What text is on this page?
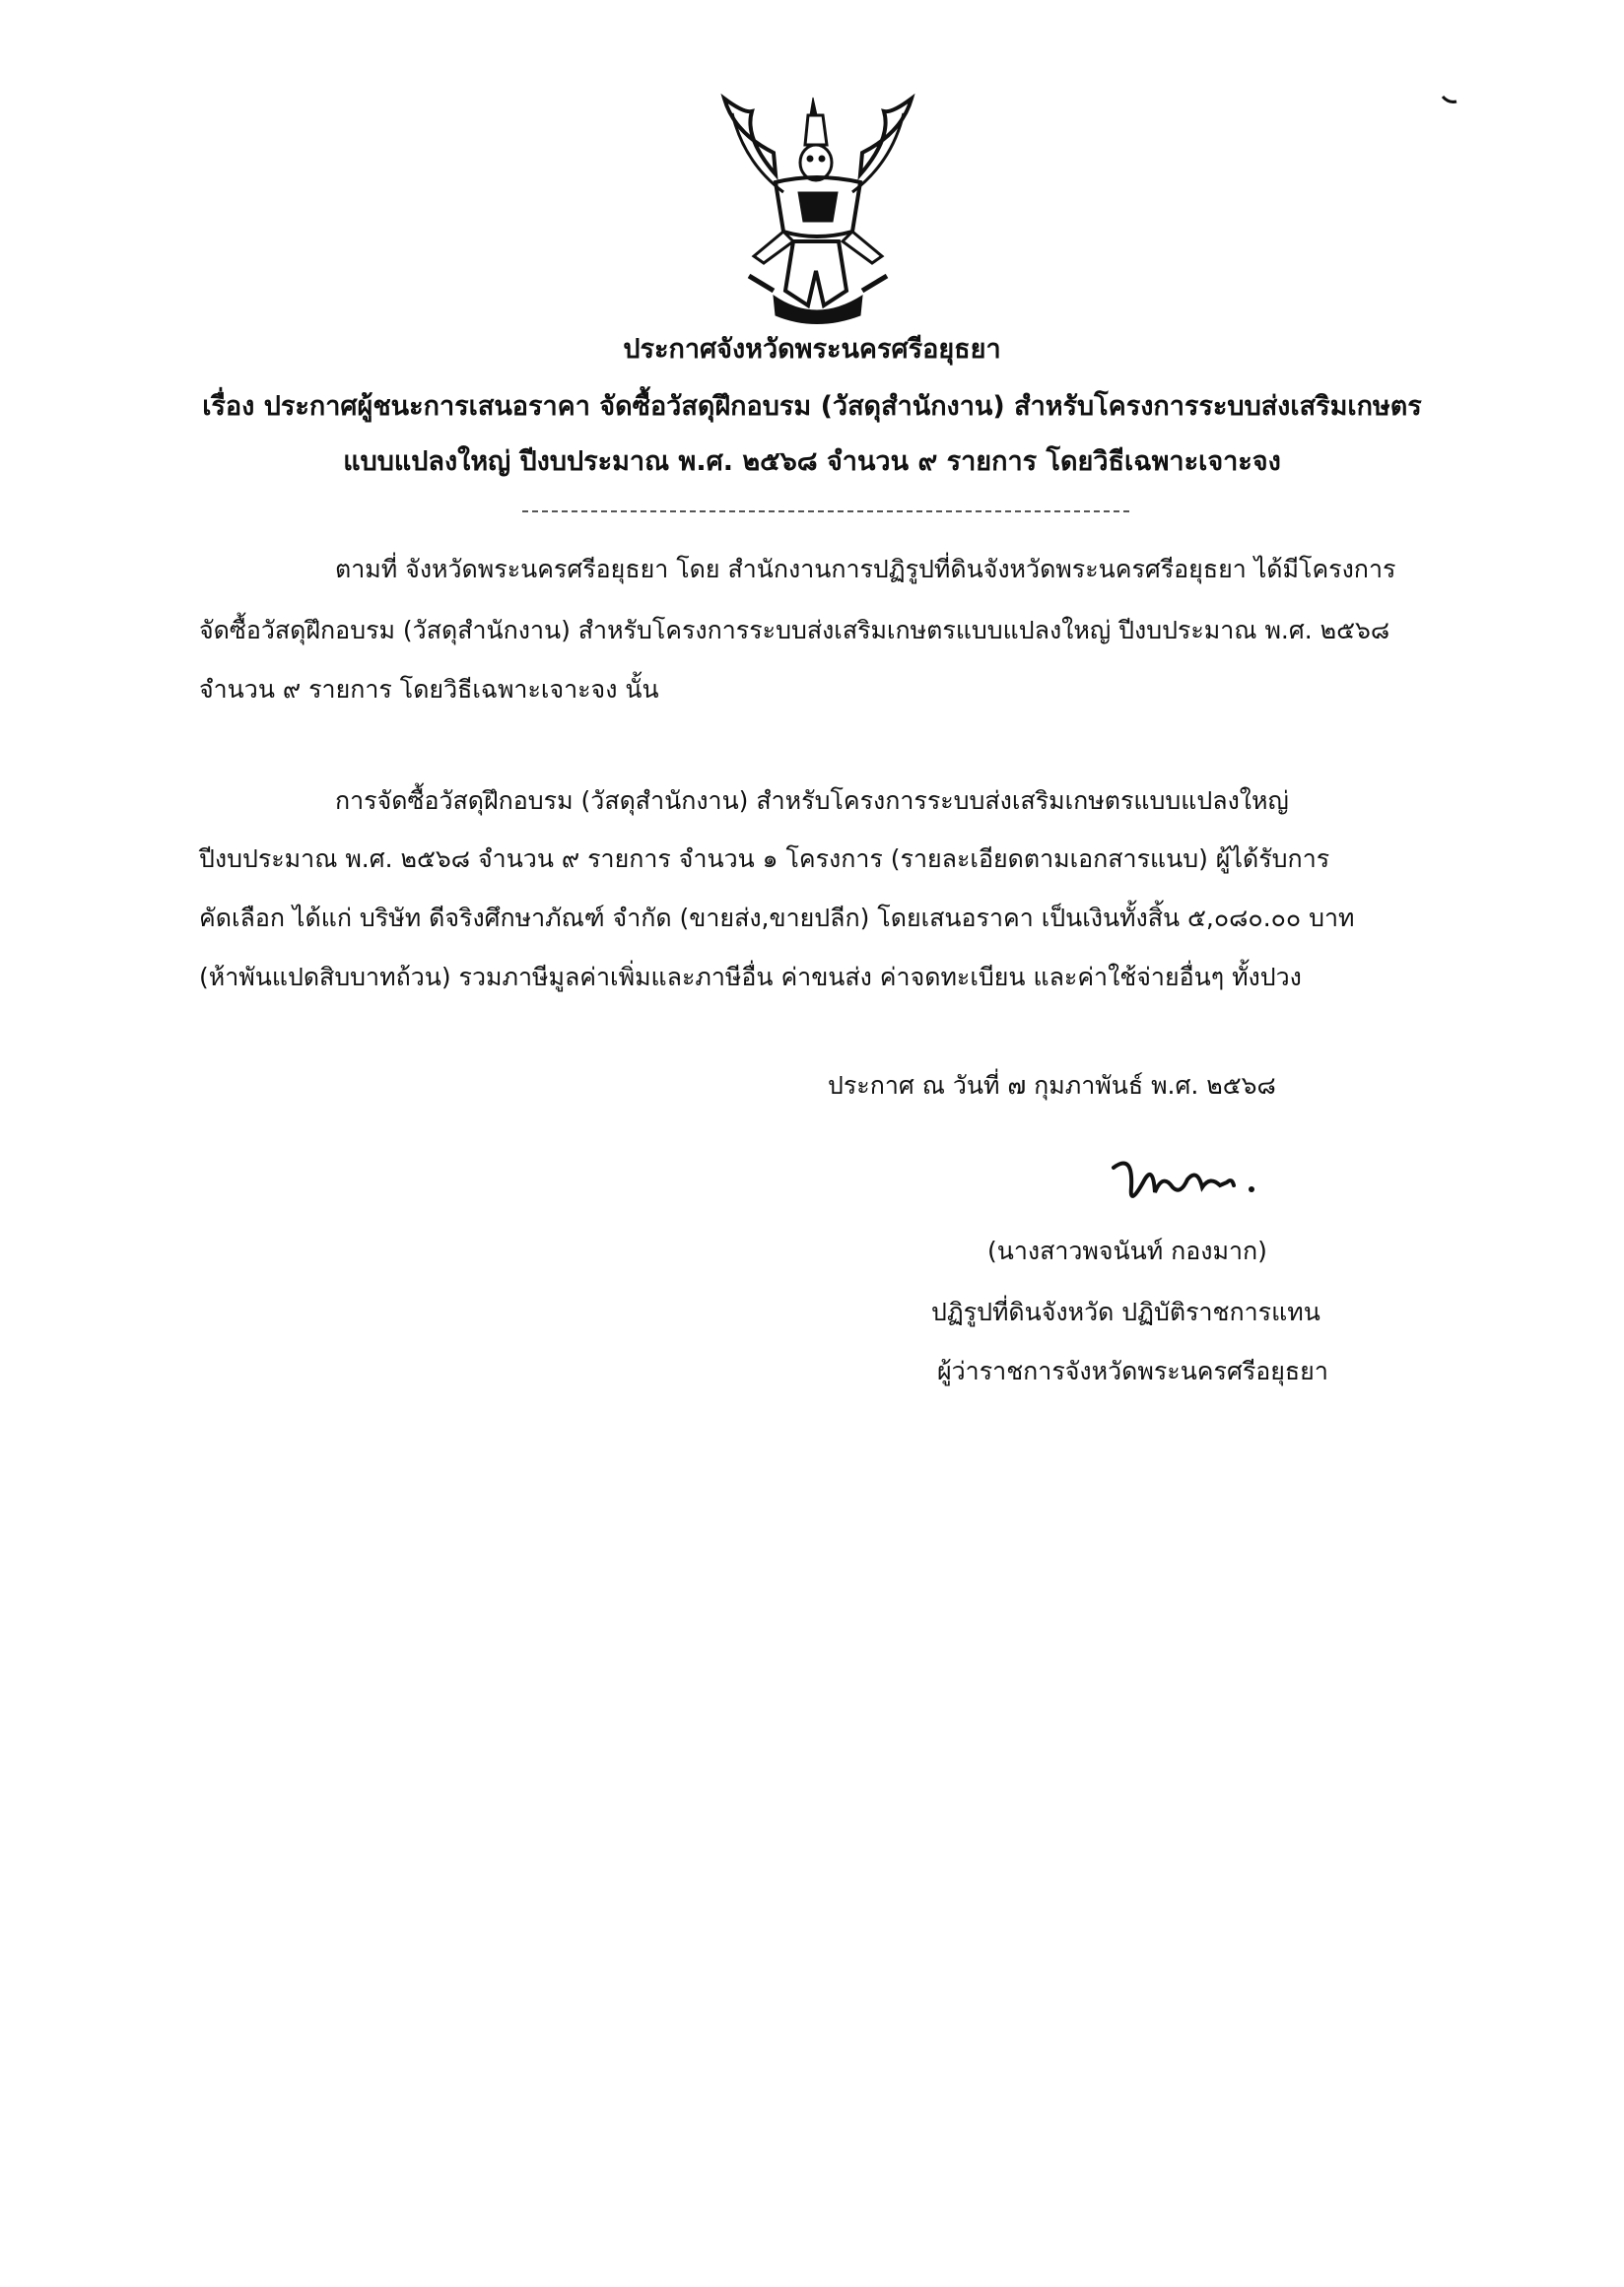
ประกาศจังหวัดพระนครศรีอยุธยา
เรื่อง ประกาศผู้ชนะการเสนอราคา จัดซื้อวัสดุฝึกอบรม (วัสดุสำนักงาน) สำหรับโครงการระบบส่งเสริมเกษตร
แบบแปลงใหญ่ ปีงบประมาณ พ.ศ. ๒๕๖๘ จำนวน ๙ รายการ โดยวิธีเฉพาะเจาะจง
ตามที่ จังหวัดพระนครศรีอยุธยา โดย สำนักงานการปฏิรูปที่ดินจังหวัดพระนครศรีอยุธยา ได้มีโครงการ
จัดซื้อวัสดุฝึกอบรม (วัสดุสำนักงาน) สำหรับโครงการระบบส่งเสริมเกษตรแบบแปลงใหญ่ ปีงบประมาณ พ.ศ. ๒๕๖๘
จำนวน ๙ รายการ โดยวิธีเฉพาะเจาะจง นั้น
การจัดซื้อวัสดุฝึกอบรม (วัสดุสำนักงาน) สำหรับโครงการระบบส่งเสริมเกษตรแบบแปลงใหญ่
ปีงบประมาณ พ.ศ. ๒๕๖๘ จำนวน ๙ รายการ จำนวน ๑ โครงการ (รายละเอียดตามเอกสารแนบ) ผู้ได้รับการ
คัดเลือก ได้แก่ บริษัท ดีจริงศึกษาภัณฑ์ จำกัด (ขายส่ง,ขายปลีก) โดยเสนอราคา เป็นเงินทั้งสิ้น ๕,๐๘๐.๐๐ บาท
(ห้าพันแปดสิบบาทถ้วน) รวมภาษีมูลค่าเพิ่มและภาษีอื่น ค่าขนส่ง ค่าจดทะเบียน และค่าใช้จ่ายอื่นๆ ทั้งปวง
ประกาศ ณ วันที่ ๗ กุมภาพันธ์ พ.ศ. ๒๕๖๘
(นางสาวพจนันท์ กองมาก)
ปฏิรูปที่ดินจังหวัด ปฏิบัติราชการแทน
ผู้ว่าราชการจังหวัดพระนครศรีอยุธยา
